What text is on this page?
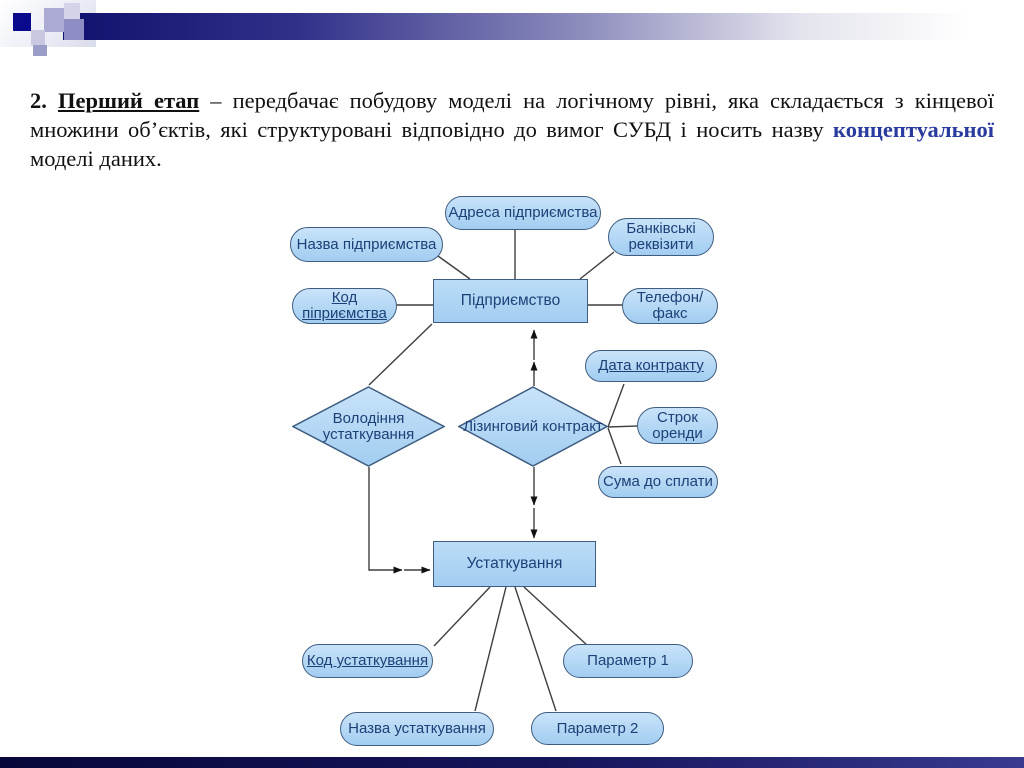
2. Перший етап – передбачає побудову моделі на логічному рівні, яка складається з кінцевої множини об’єктів, які структуровані відповідно до вимог СУБД і носить назву концептуальної моделі даних.
Адреса підприємства
Назва підприємства
Банківські реквізити
Код піприємства
Телефон/факс
Дата контракту
Строк оренди
Сума до сплати
Код устаткування	Параметр 1
Назва устаткування	Параметр 2
Підприємство
Устаткування
Володіння устаткування	Лізинговий контракт
